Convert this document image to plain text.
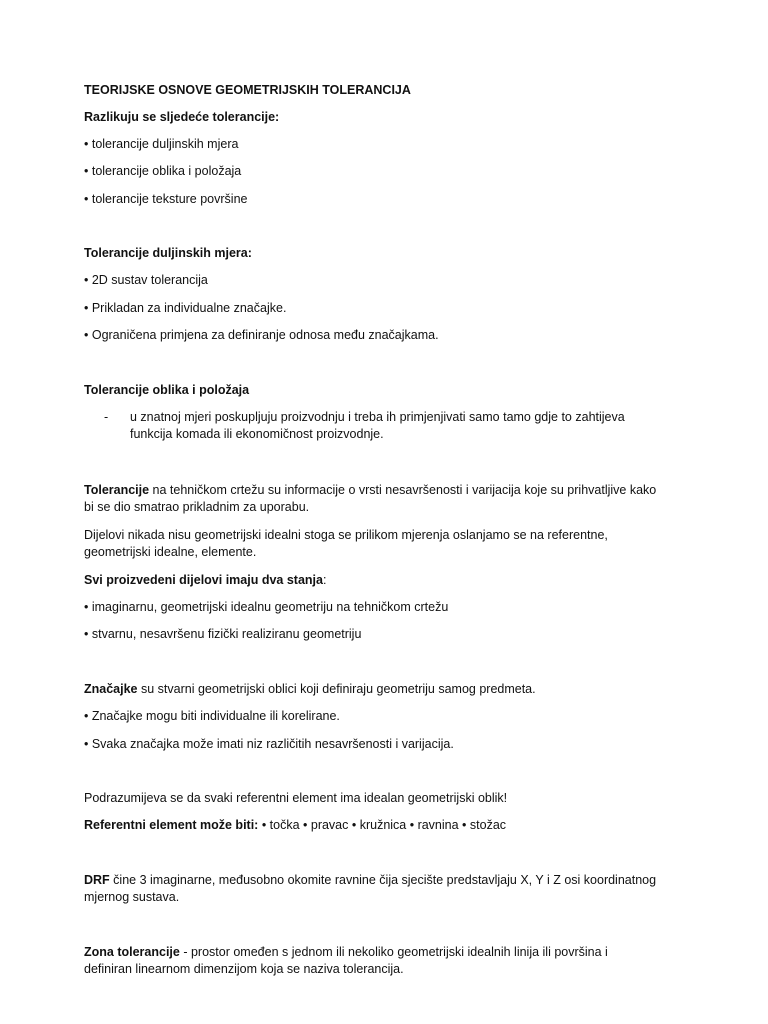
TEORIJSKE OSNOVE GEOMETRIJSKIH TOLERANCIJA

Razlikuju se sljedeće tolerancije:

• tolerancije duljinskih mjera

• tolerancije oblika i položaja

• tolerancije teksture površine

Tolerancije duljinskih mjera:

• 2D sustav tolerancija

• Prikladan za individualne značajke.

• Ograničena primjena za definiranje odnosa među značajkama.

Tolerancije oblika i položaja

- u znatnoj mjeri poskupljuju proizvodnju i treba ih primjenjivati samo tamo gdje to zahtijeva
funkcija komada ili ekonomičnost proizvodnje.

Tolerancije na tehničkom crtežu su informacije o vrsti nesavršenosti i varijacija koje su prihvatljive kako

bi se dio smatrao prikladnim za uporabu.

Dijelovi nikada nisu geometrijski idealni stoga se prilikom mjerenja oslanjamo se na referentne,

geometrijski idealne, elemente.

Svi proizvedeni dijelovi imaju dva stanja:

• imaginarnu, geometrijski idealnu geometriju na tehničkom crtežu

• stvarnu, nesavršenu fizički realiziranu geometriju

Značajke su stvarni geometrijski oblici koji definiraju geometriju samog predmeta.

• Značajke mogu biti individualne ili korelirane.

• Svaka značajka može imati niz različitih nesavršenosti i varijacija.

Podrazumijeva se da svaki referentni element ima idealan geometrijski oblik!

Referentni element može biti: • točka • pravac • kružnica • ravnina • stožac

DRF čine 3 imaginarne, međusobno okomite ravnine čija sjecište predstavljaju X, Y i Z osi koordinatnog

mjernog sustava.

Zona tolerancije - prostor omeđen s jednom ili nekoliko geometrijski idealnih linija ili površina i

definiran linearnom dimenzijom koja se naziva tolerancija.
